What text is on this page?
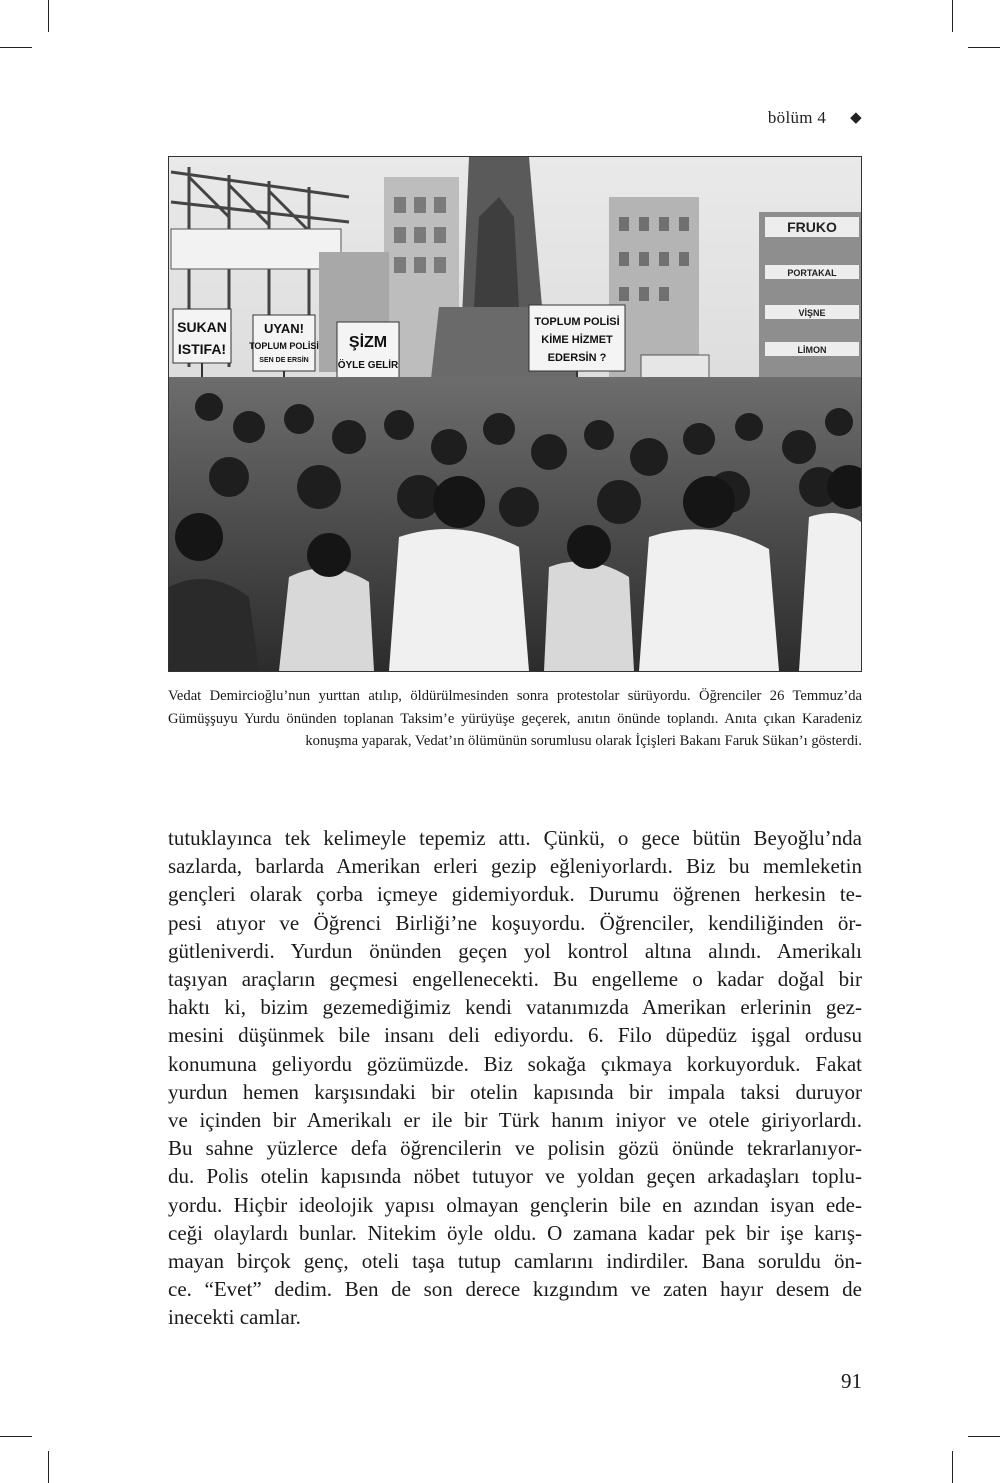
bölüm 4 ◆
FRUKO
PORTAKAL
VİŞNE
LİMON
SUKAN
ISTIFA!
UYAN!
TOPLUM POLİSİ
SEN DE ERSİN
ŞİZM
ÖYLE GELİR
TOPLUM POLİSİ
KİME HİZMET
EDERSİN ?
Vedat Demircioğlu’nun yurttan atılıp, öldürülmesinden sonra protestolar sürüyordu. Öğrenciler 26 Temmuz’da Gümüşşuyu Yurdu önünden toplanan Taksim’e yürüyüşe geçerek, anıtın önünde toplandı. Anıta çıkan Karadeniz konuşma yaparak, Vedat’ın ölümünün sorumlusu olarak İçişleri Bakanı Faruk Sükan’ı gösterdi.
tutuklayınca tek kelimeyle tepemiz attı. Çünkü, o gece bütün Beyoğlu’nda
sazlarda, barlarda Amerikan erleri gezip eğleniyorlardı. Biz bu memleketin
gençleri olarak çorba içmeye gidemiyorduk. Durumu öğrenen herkesin te-
pesi atıyor ve Öğrenci Birliği’ne koşuyordu. Öğrenciler, kendiliğinden ör-
gütleniverdi. Yurdun önünden geçen yol kontrol altına alındı. Amerikalı
taşıyan araçların geçmesi engellenecekti. Bu engelleme o kadar doğal bir
haktı ki, bizim gezemediğimiz kendi vatanımızda Amerikan erlerinin gez-
mesini düşünmek bile insanı deli ediyordu. 6. Filo düpedüz işgal ordusu
konumuna geliyordu gözümüzde. Biz sokağa çıkmaya korkuyorduk. Fakat
yurdun hemen karşısındaki bir otelin kapısında bir impala taksi duruyor
ve içinden bir Amerikalı er ile bir Türk hanım iniyor ve otele giriyorlardı.
Bu sahne yüzlerce defa öğrencilerin ve polisin gözü önünde tekrarlanıyor-
du. Polis otelin kapısında nöbet tutuyor ve yoldan geçen arkadaşları toplu-
yordu. Hiçbir ideolojik yapısı olmayan gençlerin bile en azından isyan ede-
ceği olaylardı bunlar. Nitekim öyle oldu. O zamana kadar pek bir işe karış-
mayan birçok genç, oteli taşa tutup camlarını indirdiler. Bana soruldu ön-
ce. “Evet” dedim. Ben de son derece kızgındım ve zaten hayır desem de
inecekti camlar.
91
